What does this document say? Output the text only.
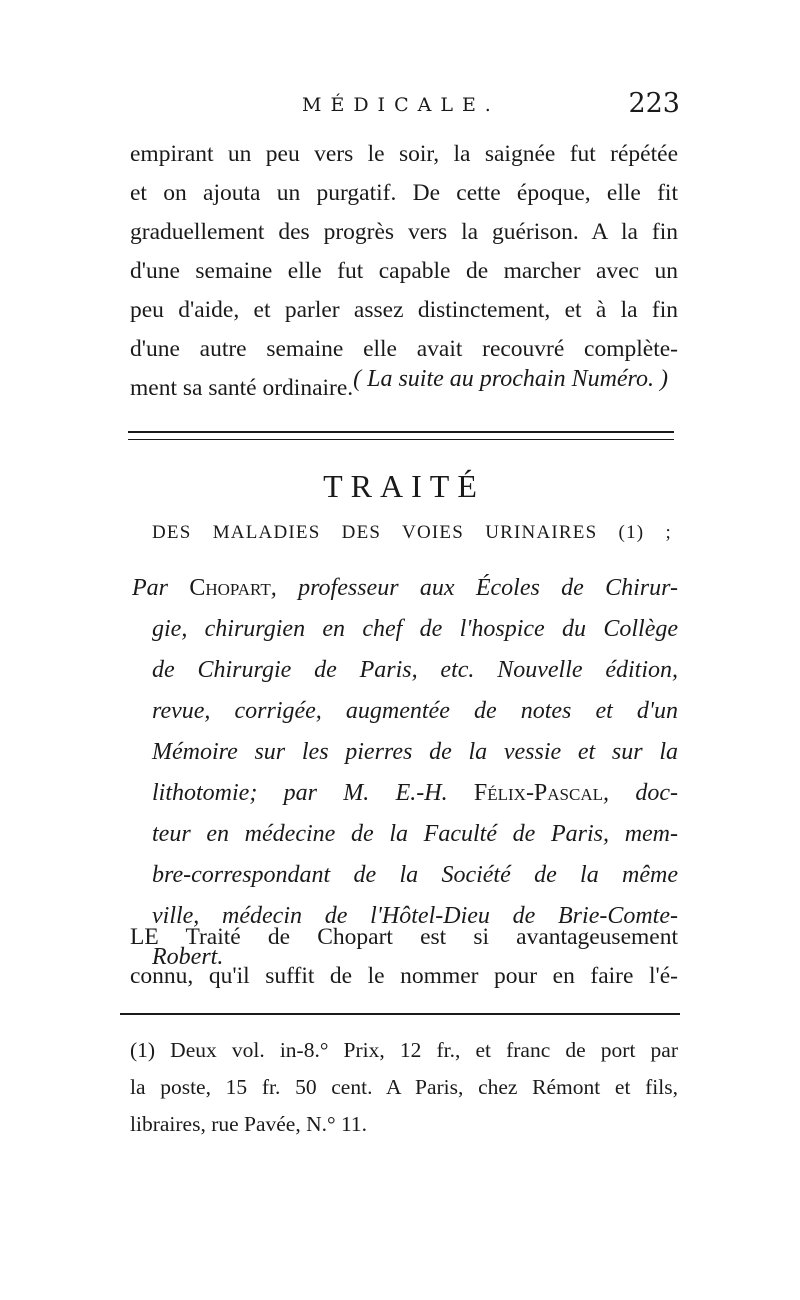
MÉDICALE.	223
empirant un peu vers le soir, la saignée fut répétée
et on ajouta un purgatif. De cette époque, elle fit
graduellement des progrès vers la guérison. A la fin
d'une semaine elle fut capable de marcher avec un
peu d'aide, et parler assez distinctement, et à la fin
d'une autre semaine elle avait recouvré complète-
ment sa santé ordinaire. ( La suite au prochain Numéro. )
TRAITÉ
DES MALADIES DES VOIES URINAIRES (1) ;
Par Chopart, professeur aux Écoles de Chirur-
gie, chirurgien en chef de l'hospice du Collège
de Chirurgie de Paris, etc. Nouvelle édition,
revue, corrigée, augmentée de notes et d'un
Mémoire sur les pierres de la vessie et sur la
lithotomie; par M. E.-H. Félix-Pascal, doc-
teur en médecine de la Faculté de Paris, mem-
bre-correspondant de la Société de la même
ville, médecin de l'Hôtel-Dieu de Brie-Comte-
Robert.
LE Traité de Chopart est si avantageusement
connu, qu'il suffit de le nommer pour en faire l'é-
(1) Deux vol. in-8.° Prix, 12 fr., et franc de port par
la poste, 15 fr. 50 cent. A Paris, chez Rémont et fils,
libraires, rue Pavée, N.° 11.
